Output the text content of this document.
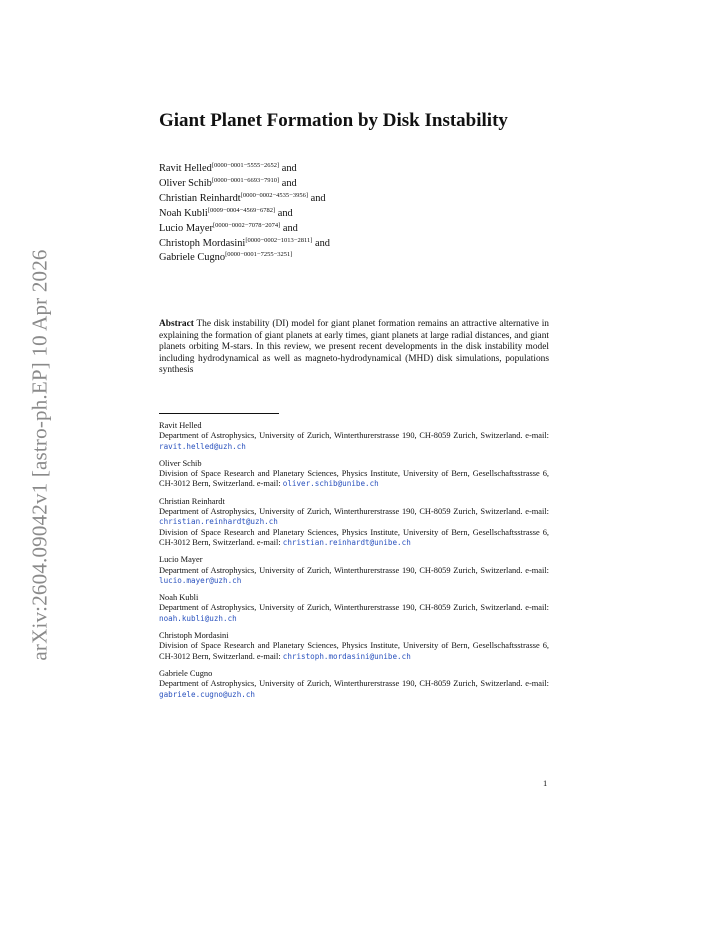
arXiv:2604.09042v1 [astro-ph.EP] 10 Apr 2026
Giant Planet Formation by Disk Instability
Ravit Helled[0000−0001−5555−2652] and
Oliver Schib[0000−0001−6693−7910] and
Christian Reinhardt[0000−0002−4535−3956] and
Noah Kubli[0009−0004−4569−6782] and
Lucio Mayer[0000−0002−7078−2074] and
Christoph Mordasini[0000−0002−1013−2811] and
Gabriele Cugno[0000−0001−7255−3251]
Abstract The disk instability (DI) model for giant planet formation remains an attractive alternative in explaining the formation of giant planets at early times, giant planets at large radial distances, and giant planets orbiting M-stars. In this review, we present recent developments in the disk instability model including hydrodynamical as well as magneto-hydrodynamical (MHD) disk simulations, populations synthesis
Ravit Helled
Department of Astrophysics, University of Zurich, Winterthurerstrasse 190, CH-8059 Zurich, Switzerland. e-mail: ravit.helled@uzh.ch
Oliver Schib
Division of Space Research and Planetary Sciences, Physics Institute, University of Bern, Gesellschaftsstrasse 6, CH-3012 Bern, Switzerland. e-mail: oliver.schib@unibe.ch
Christian Reinhardt
Department of Astrophysics, University of Zurich, Winterthurerstrasse 190, CH-8059 Zurich, Switzerland. e-mail: christian.reinhardt@uzh.ch
Division of Space Research and Planetary Sciences, Physics Institute, University of Bern, Gesellschaftsstrasse 6, CH-3012 Bern, Switzerland. e-mail: christian.reinhardt@unibe.ch
Lucio Mayer
Department of Astrophysics, University of Zurich, Winterthurerstrasse 190, CH-8059 Zurich, Switzerland. e-mail: lucio.mayer@uzh.ch
Noah Kubli
Department of Astrophysics, University of Zurich, Winterthurerstrasse 190, CH-8059 Zurich, Switzerland. e-mail: noah.kubli@uzh.ch
Christoph Mordasini
Division of Space Research and Planetary Sciences, Physics Institute, University of Bern, Gesellschaftsstrasse 6, CH-3012 Bern, Switzerland. e-mail: christoph.mordasini@unibe.ch
Gabriele Cugno
Department of Astrophysics, University of Zurich, Winterthurerstrasse 190, CH-8059 Zurich, Switzerland. e-mail: gabriele.cugno@uzh.ch
1
